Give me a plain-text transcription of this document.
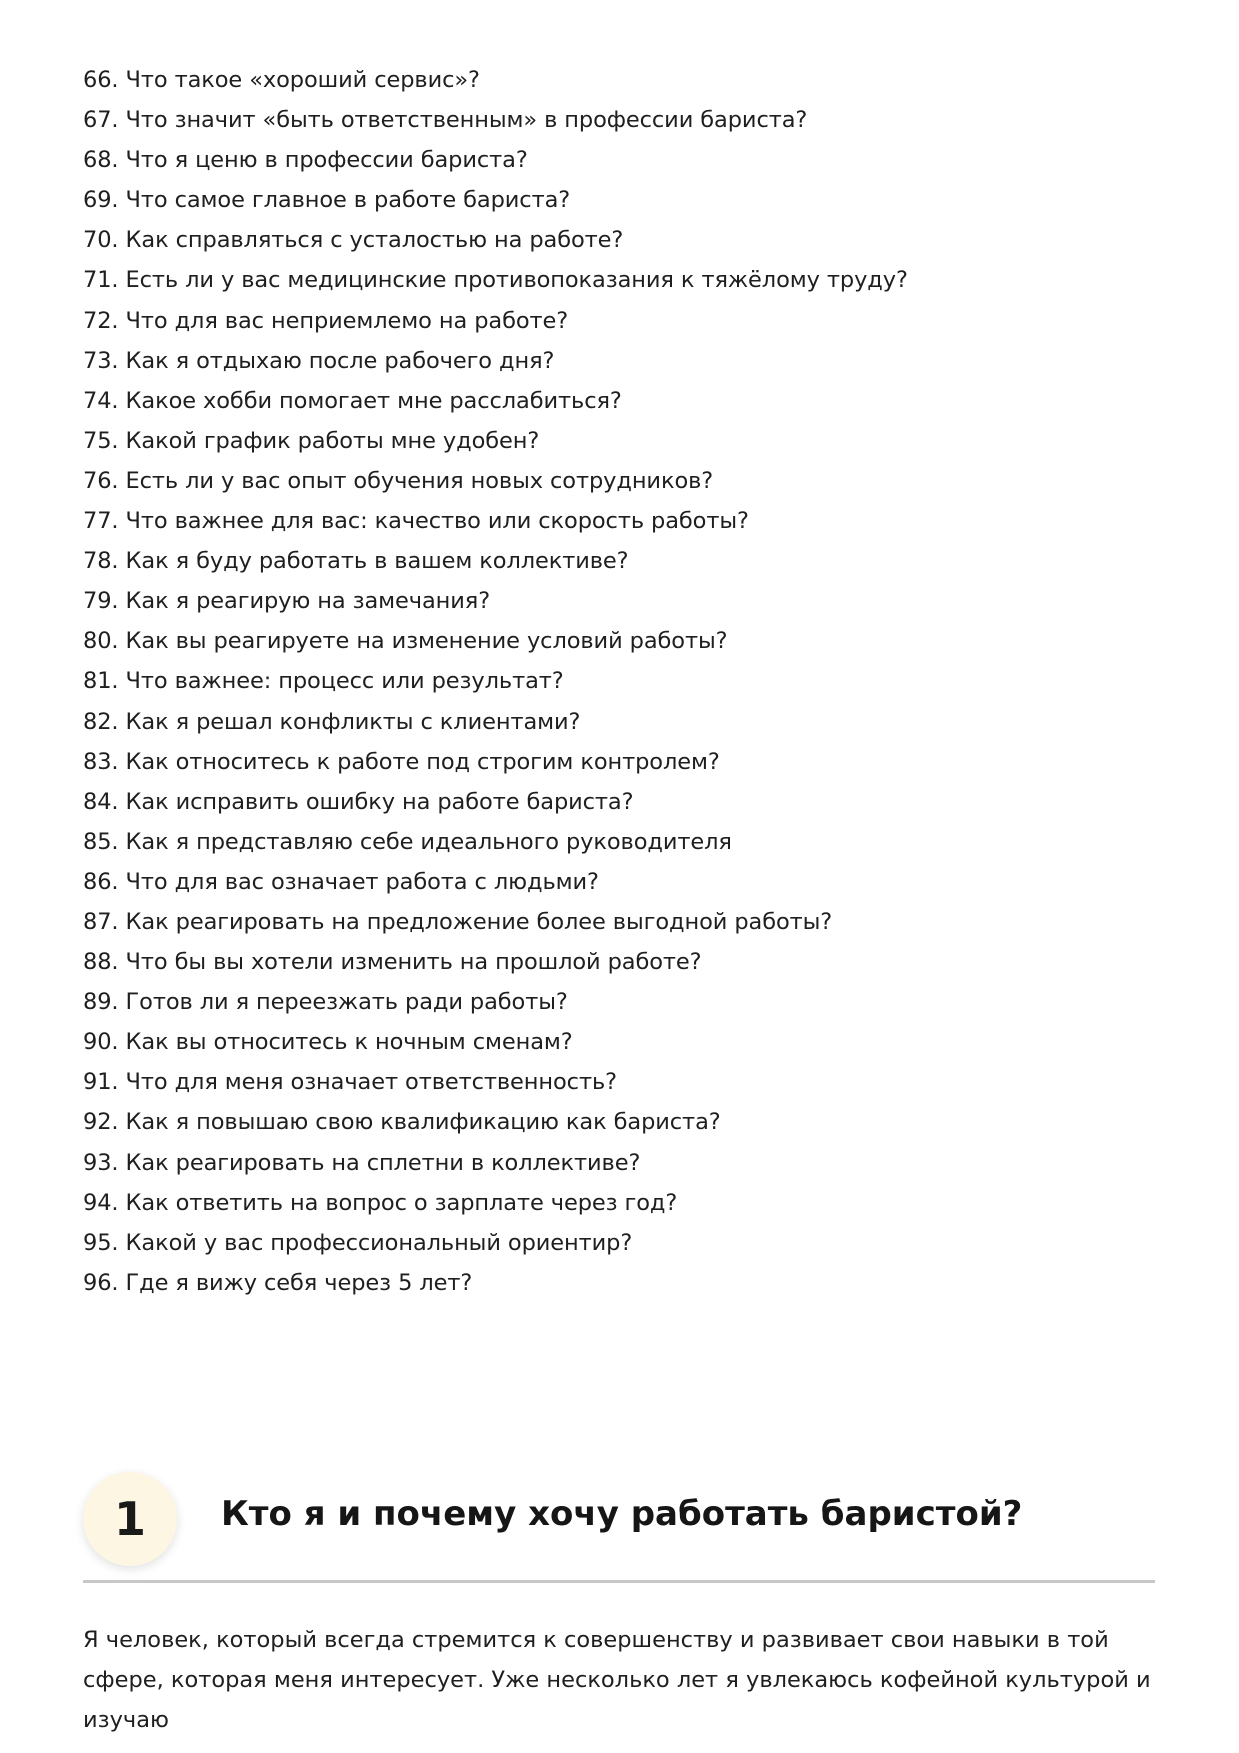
66. Что такое «хороший сервис»?
67. Что значит «быть ответственным» в профессии бариста?
68. Что я ценю в профессии бариста?
69. Что самое главное в работе бариста?
70. Как справляться с усталостью на работе?
71. Есть ли у вас медицинские противопоказания к тяжёлому труду?
72. Что для вас неприемлемо на работе?
73. Как я отдыхаю после рабочего дня?
74. Какое хобби помогает мне расслабиться?
75. Какой график работы мне удобен?
76. Есть ли у вас опыт обучения новых сотрудников?
77. Что важнее для вас: качество или скорость работы?
78. Как я буду работать в вашем коллективе?
79. Как я реагирую на замечания?
80. Как вы реагируете на изменение условий работы?
81. Что важнее: процесс или результат?
82. Как я решал конфликты с клиентами?
83. Как относитесь к работе под строгим контролем?
84. Как исправить ошибку на работе бариста?
85. Как я представляю себе идеального руководителя
86. Что для вас означает работа с людьми?
87. Как реагировать на предложение более выгодной работы?
88. Что бы вы хотели изменить на прошлой работе?
89. Готов ли я переезжать ради работы?
90. Как вы относитесь к ночным сменам?
91. Что для меня означает ответственность?
92. Как я повышаю свою квалификацию как бариста?
93. Как реагировать на сплетни в коллективе?
94. Как ответить на вопрос о зарплате через год?
95. Какой у вас профессиональный ориентир?
96. Где я вижу себя через 5 лет?
1	Кто я и почему хочу работать баристой?

Я человек, который всегда стремится к совершенству и развивает свои навыки в той сфере, которая меня интересует. Уже несколько лет я увлекаюсь кофейной культурой и изучаю
